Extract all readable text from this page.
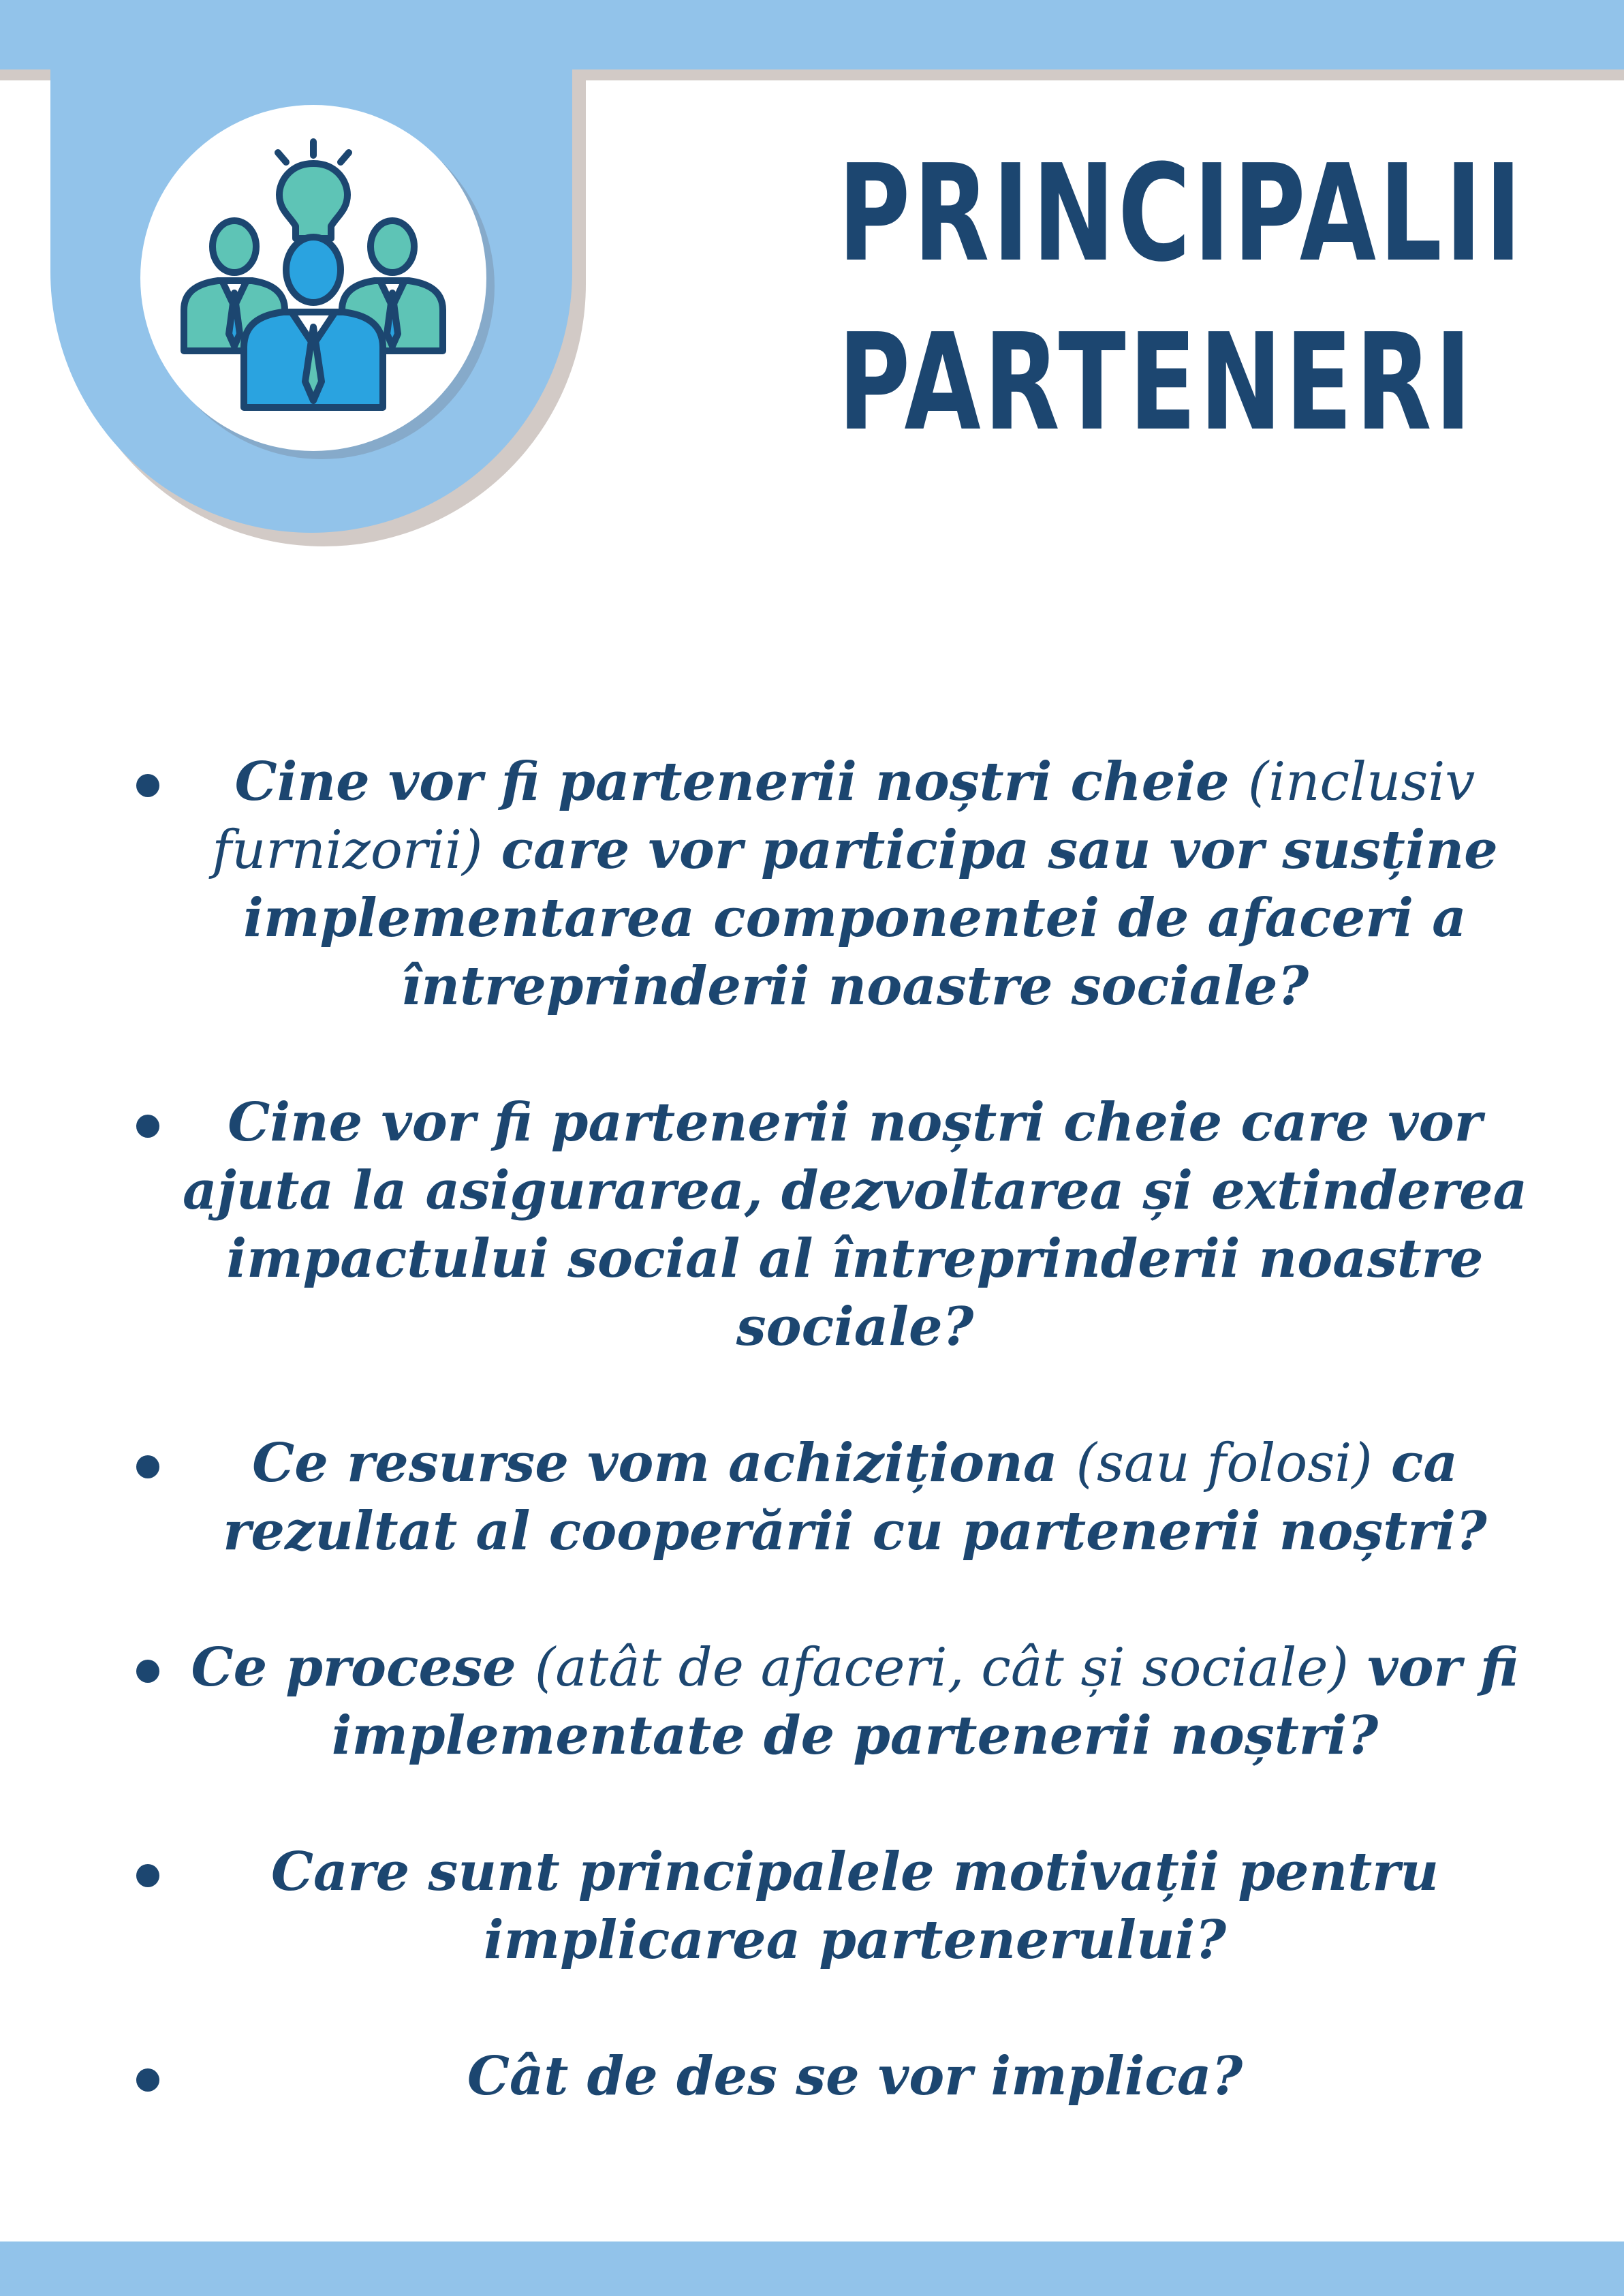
PRINCIPALII
PARTENERI
Cine vor fi partenerii noștri cheie (inclusiv furnizorii) care vor participa sau vor susține implementarea componentei de afaceri a întreprinderii noastre sociale?
Cine vor fi partenerii noștri cheie care vor ajuta la asigurarea, dezvoltarea și extinderea impactului social al întreprinderii noastre sociale?
Ce resurse vom achiziționa (sau folosi) ca rezultat al cooperării cu partenerii noștri?
Ce procese (atât de afaceri, cât și sociale) vor fi implementate de partenerii noștri?
Care sunt principalele motivații pentru implicarea partenerului?
Cât de des se vor implica?
